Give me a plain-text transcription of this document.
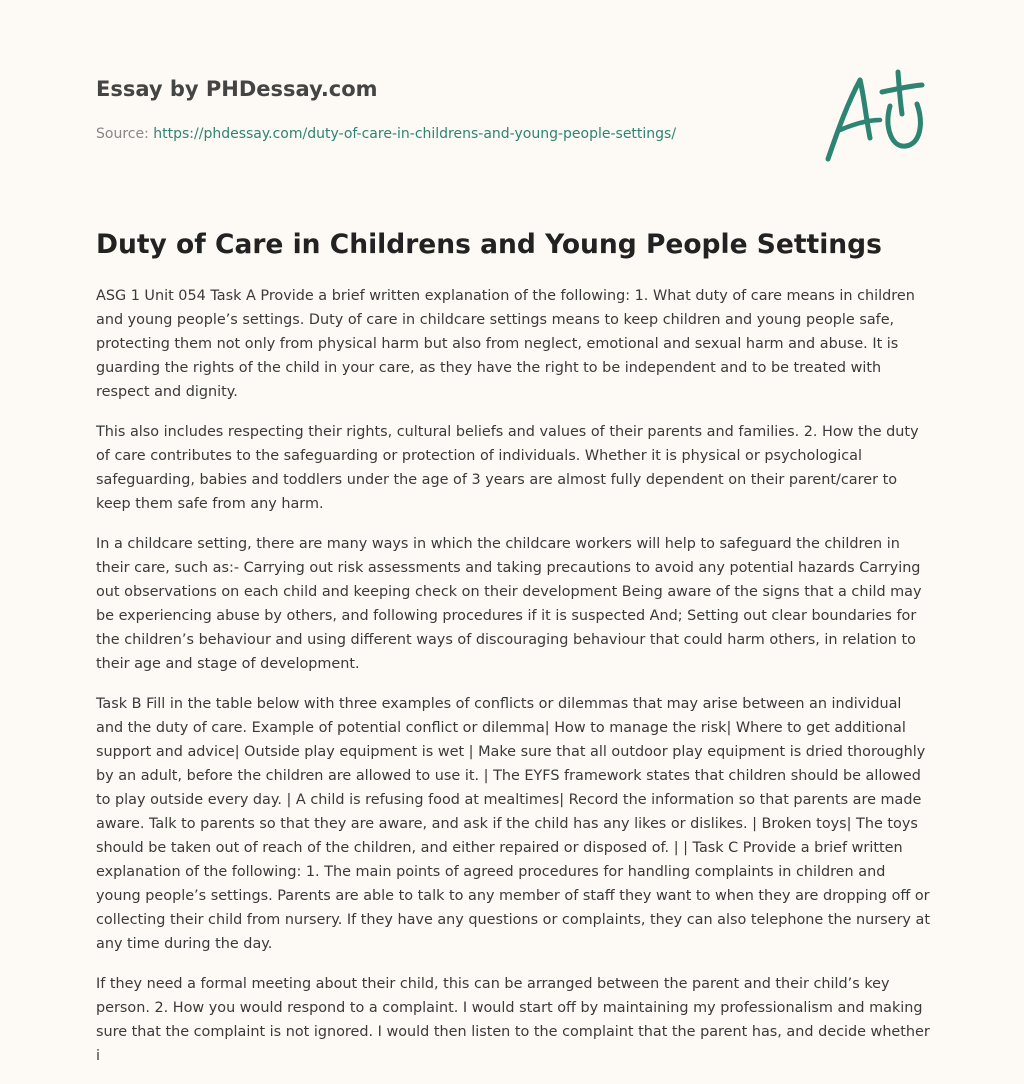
Essay by PHDessay.com
Source: https://phdessay.com/duty-of-care-in-childrens-and-young-people-settings/
Duty of Care in Childrens and Young People Settings

ASG 1 Unit 054 Task A Provide a brief written explanation of the following: 1. What duty of care means in children and young people’s settings. Duty of care in childcare settings means to keep children and young people safe, protecting them not only from physical harm but also from neglect, emotional and sexual harm and abuse. It is guarding the rights of the child in your care, as they have the right to be independent and to be treated with respect and dignity.

This also includes respecting their rights, cultural beliefs and values of their parents and families. 2. How the duty of care contributes to the safeguarding or protection of individuals. Whether it is physical or psychological safeguarding, babies and toddlers under the age of 3 years are almost fully dependent on their parent/carer to keep them safe from any harm.

In a childcare setting, there are many ways in which the childcare workers will help to safeguard the children in their care, such as:- Carrying out risk assessments and taking precautions to avoid any potential hazards Carrying out observations on each child and keeping check on their development Being aware of the signs that a child may be experiencing abuse by others, and following procedures if it is suspected And; Setting out clear boundaries for the children’s behaviour and using different ways of discouraging behaviour that could harm others, in relation to their age and stage of development.

Task B Fill in the table below with three examples of conflicts or dilemmas that may arise between an individual and the duty of care. Example of potential conflict or dilemma| How to manage the risk| Where to get additional support and advice| Outside play equipment is wet | Make sure that all outdoor play equipment is dried thoroughly by an adult, before the children are allowed to use it. | The EYFS framework states that children should be allowed to play outside every day. | A child is refusing food at mealtimes| Record the information so that parents are made aware. Talk to parents so that they are aware, and ask if the child has any likes or dislikes. | Broken toys| The toys should be taken out of reach of the children, and either repaired or disposed of. | | Task C Provide a brief written explanation of the following: 1. The main points of agreed procedures for handling complaints in children and young people’s settings. Parents are able to talk to any member of staff they want to when they are dropping off or collecting their child from nursery. If they have any questions or complaints, they can also telephone the nursery at any time during the day.

If they need a formal meeting about their child, this can be arranged between the parent and their child’s key person. 2. How you would respond to a complaint. I would start off by maintaining my professionalism and making sure that the complaint is not ignored. I would then listen to the complaint that the parent has, and decide whether i
